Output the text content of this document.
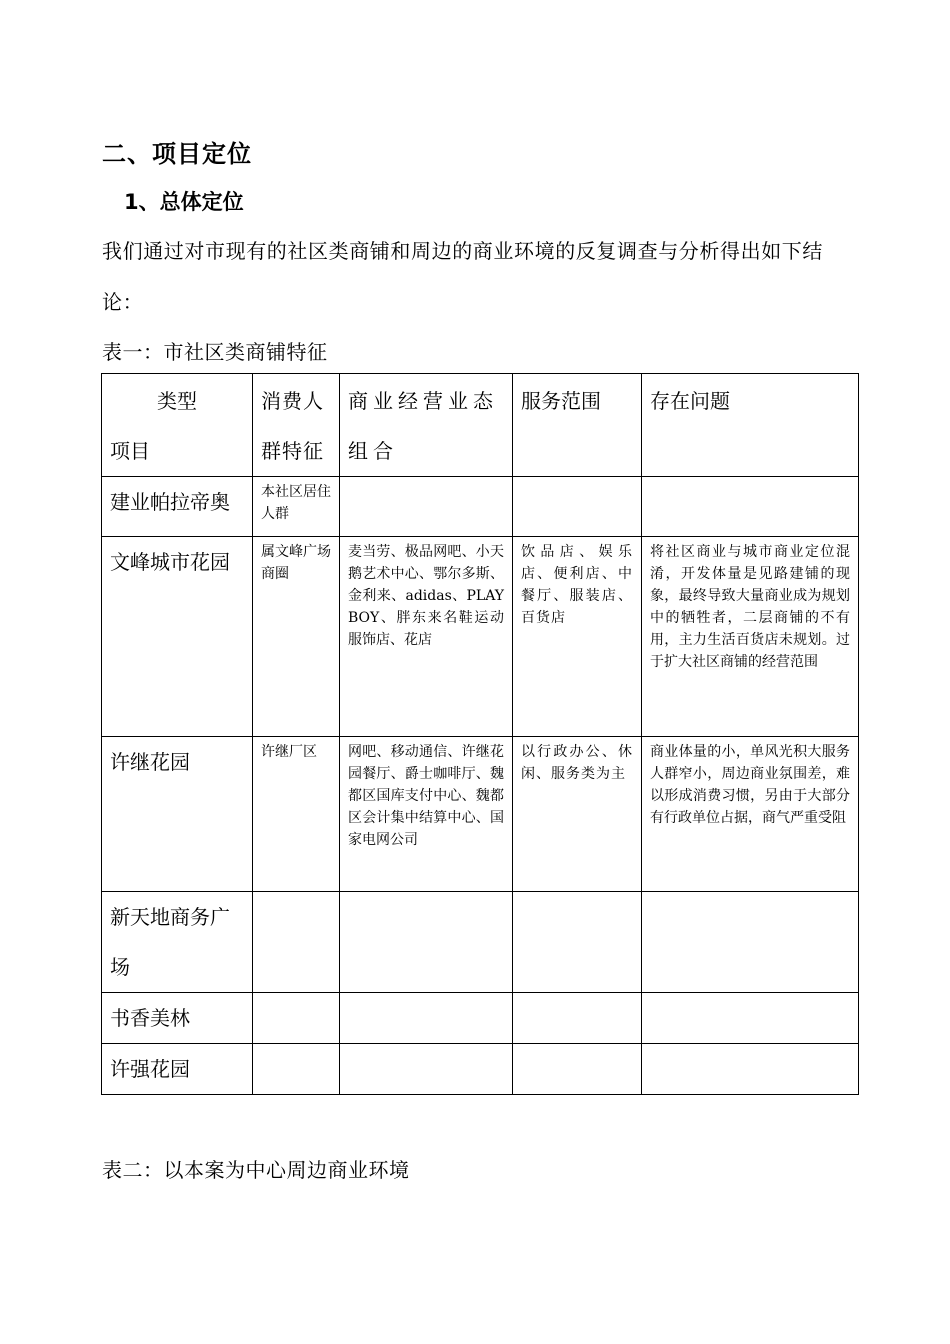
二、项目定位
1、总体定位
我们通过对市现有的社区类商铺和周边的商业环境的反复调查与分析得出如下结论：
表一：市社区类商铺特征
类型
项目	消费人群特征	商业经营业态组合	服务范围	存在问题
建业帕拉帝奥	本社区居住人群			
文峰城市花园	属文峰广场商圈	麦当劳、极品网吧、小天鹅艺术中心、鄂尔多斯、金利来、adidas、PLAYBOY、胖东来名鞋运动服饰店、花店	饮品店、娱乐店、便利店、中餐厅、服装店、百货店	将社区商业与城市商业定位混淆，开发体量是见路建铺的现象，最终导致大量商业成为规划中的牺牲者，二层商铺的不有用，主力生活百货店未规划。过于扩大社区商铺的经营范围
许继花园	许继厂区	网吧、移动通信、许继花园餐厅、爵士咖啡厅、魏都区国库支付中心、魏都区会计集中结算中心、国家电网公司	以行政办公、休闲、服务类为主	商业体量的小，单风光积大服务人群窄小，周边商业氛围差，难以形成消费习惯，另由于大部分有行政单位占据，商气严重受阻
新天地商务广场				
书香美林				
许强花园				
表二：以本案为中心周边商业环境
